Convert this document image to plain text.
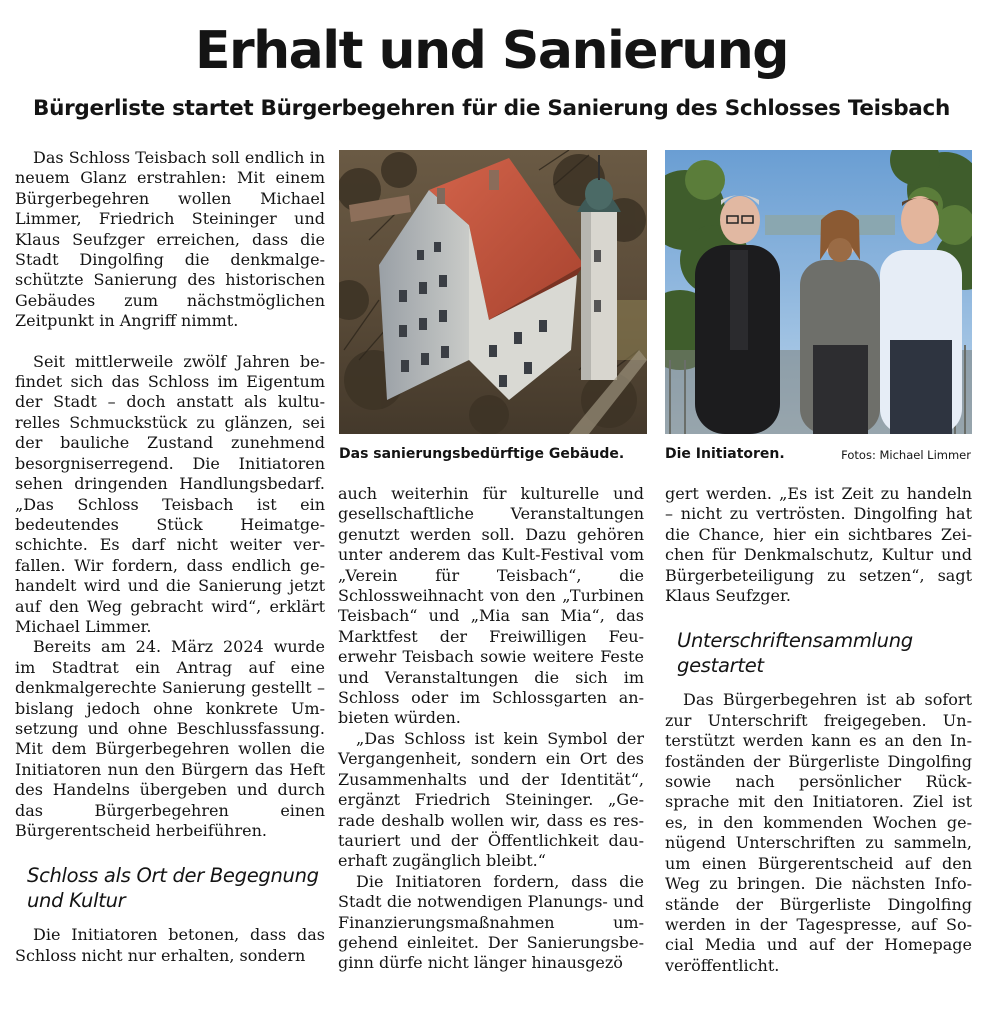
Erhalt und Sanierung
Bürgerliste startet Bürgerbegehren für die Sanierung des Schlosses Teisbach

Das Schloss Teisbach soll endlich in neuem Glanz erstrahlen: Mit einem Bürgerbegehren wollen Michael Limmer, Friedrich Steininger und Klaus Seufzger erreichen, dass die Stadt Dingolfing die denkmalgeschützte Sanierung des historischen Gebäudes zum nächstmöglichen Zeitpunkt in Angriff nimmt.

Seit mittlerweile zwölf Jahren befindet sich das Schloss im Eigentum der Stadt – doch anstatt als kulturelles Schmuckstück zu glänzen, sei der bauliche Zustand zunehmend besorgniserregend. Die Initiatoren sehen dringenden Handlungsbedarf. „Das Schloss Teisbach ist ein bedeutendes Stück Heimatgeschichte. Es darf nicht weiter verfallen. Wir fordern, dass endlich gehandelt wird und die Sanierung jetzt auf den Weg gebracht wird“, erklärt Michael Limmer.

Bereits am 24. März 2024 wurde im Stadtrat ein Antrag auf eine denkmalgerechte Sanierung gestellt – bislang jedoch ohne konkrete Umsetzung und ohne Beschlussfassung. Mit dem Bürgerbegehren wollen die Initiatoren nun den Bürgern das Heft des Handelns übergeben und durch das Bürgerbegehren einen Bürgerentscheid herbeiführen.

Schloss als Ort der Begegnung und Kultur

Die Initiatoren betonen, dass das Schloss nicht nur erhalten, sondern

Das sanierungsbedürftige Gebäude.	Die Initiatoren.	Fotos: Michael Limmer

auch weiterhin für kulturelle und gesellschaftliche Veranstaltungen genutzt werden soll. Dazu gehören unter anderem das Kult-Festival vom „Verein für Teisbach“, die Schlossweihnacht von den „Turbinen Teisbach“ und „Mia san Mia“, das Marktfest der Freiwilligen Feuerwehr Teisbach sowie weitere Feste und Veranstaltungen die sich im Schloss oder im Schlossgarten anbieten würden.

„Das Schloss ist kein Symbol der Vergangenheit, sondern ein Ort des Zusammenhalts und der Identität“, ergänzt Friedrich Steininger. „Gerade deshalb wollen wir, dass es restauriert und der Öffentlichkeit dauerhaft zugänglich bleibt.“

Die Initiatoren fordern, dass die Stadt die notwendigen Planungs- und Finanzierungsmaßnahmen umgehend einleitet. Der Sanierungsbeginn dürfe nicht länger hinausgezö

gert werden. „Es ist Zeit zu handeln – nicht zu vertrösten. Dingolfing hat die Chance, hier ein sichtbares Zeichen für Denkmalschutz, Kultur und Bürgerbeteiligung zu setzen“, sagt Klaus Seufzger.

Unterschriftensammlung gestartet

Das Bürgerbegehren ist ab sofort zur Unterschrift freigegeben. Unterstützt werden kann es an den Infoständen der Bürgerliste Dingolfing sowie nach persönlicher Rücksprache mit den Initiatoren. Ziel ist es, in den kommenden Wochen genügend Unterschriften zu sammeln, um einen Bürgerentscheid auf den Weg zu bringen. Die nächsten Infostände der Bürgerliste Dingolfing werden in der Tagespresse, auf Social Media und auf der Homepage veröffentlicht.
